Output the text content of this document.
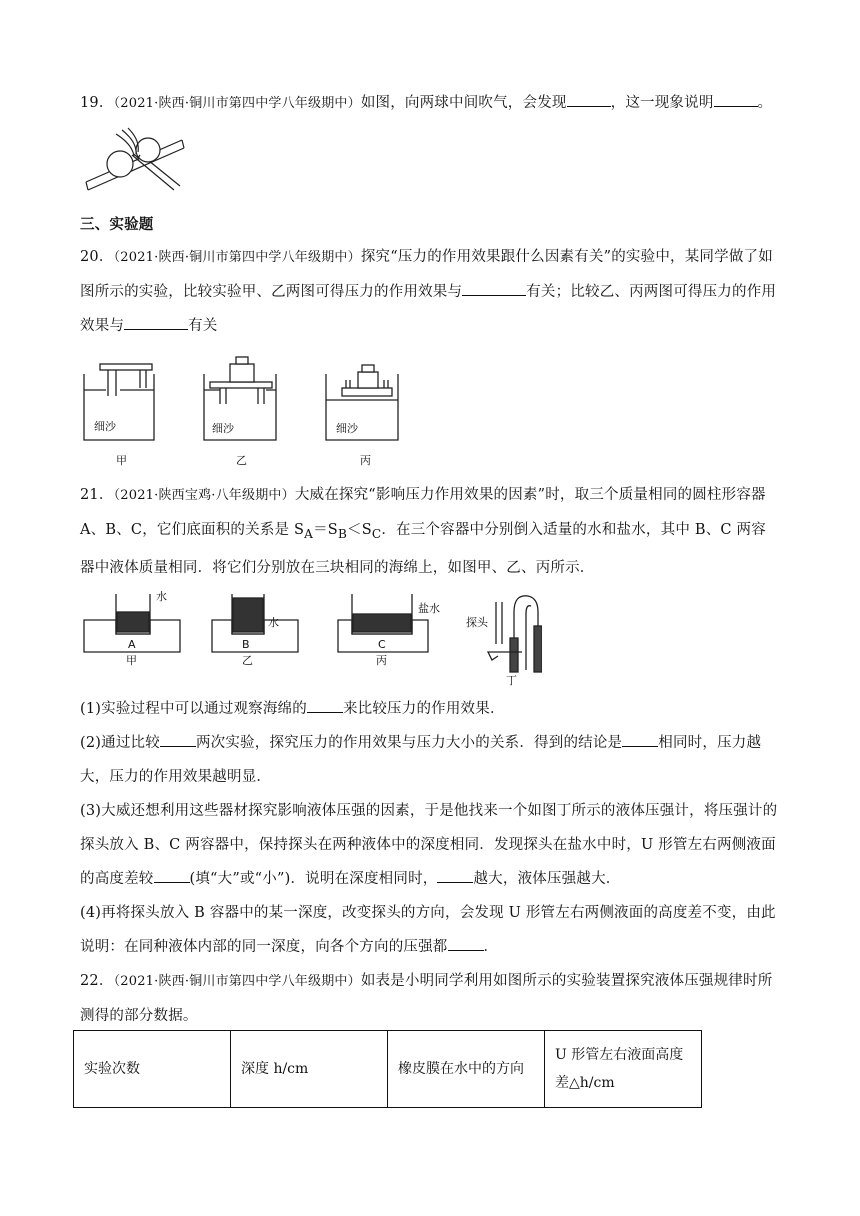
19．（2021·陕西·铜川市第四中学八年级期中）如图，向两球中间吹气，会发现	，这一现象说明	。
三、实验题
20．（2021·陕西·铜川市第四中学八年级期中）探究“压力的作用效果跟什么因素有关”的实验中，某同学做了如图所示的实验，比较实验甲、乙两图可得压力的作用效果与	有关；比较乙、丙两图可得压力的作用效果与	有关
细沙	细沙	细沙
甲	乙	丙
21．（2021·陕西宝鸡·八年级期中）大威在探究“影响压力作用效果的因素”时，取三个质量相同的圆柱形容器 A、B、C，它们底面积的关系是 $S_A=S_B<S_C$．在三个容器中分别倒入适量的水和盐水，其中 B、C 两容器中液体质量相同．将它们分别放在三块相同的海绵上，如图甲、乙、丙所示．
水
水
盐水
探头
A	B	C
甲	乙	丙
丁
(1)实验过程中可以通过观察海绵的 来比较压力的作用效果．
(2)通过比较 两次实验，探究压力的作用效果与压力大小的关系．得到的结论是 相同时，压力越大，压力的作用效果越明显．
(3)大威还想利用这些器材探究影响液体压强的因素，于是他找来一个如图丁所示的液体压强计，将压强计的探头放入 B、C 两容器中，保持探头在两种液体中的深度相同．发现探头在盐水中时，U 形管左右两侧液面的高度差较 (填“大”或“小”)．说明在深度相同时， 越大，液体压强越大．
(4)再将探头放入 B 容器中的某一深度，改变探头的方向，会发现 U 形管左右两侧液面的高度差不变，由此说明：在同种液体内部的同一深度，向各个方向的压强都 ．
22．（2021·陕西·铜川市第四中学八年级期中）如表是小明同学利用如图所示的实验装置探究液体压强规律时所测得的部分数据。
实验次数	深度 h/cm	橡皮膜在水中的方向	U 形管左右液面高度差△h/cm
